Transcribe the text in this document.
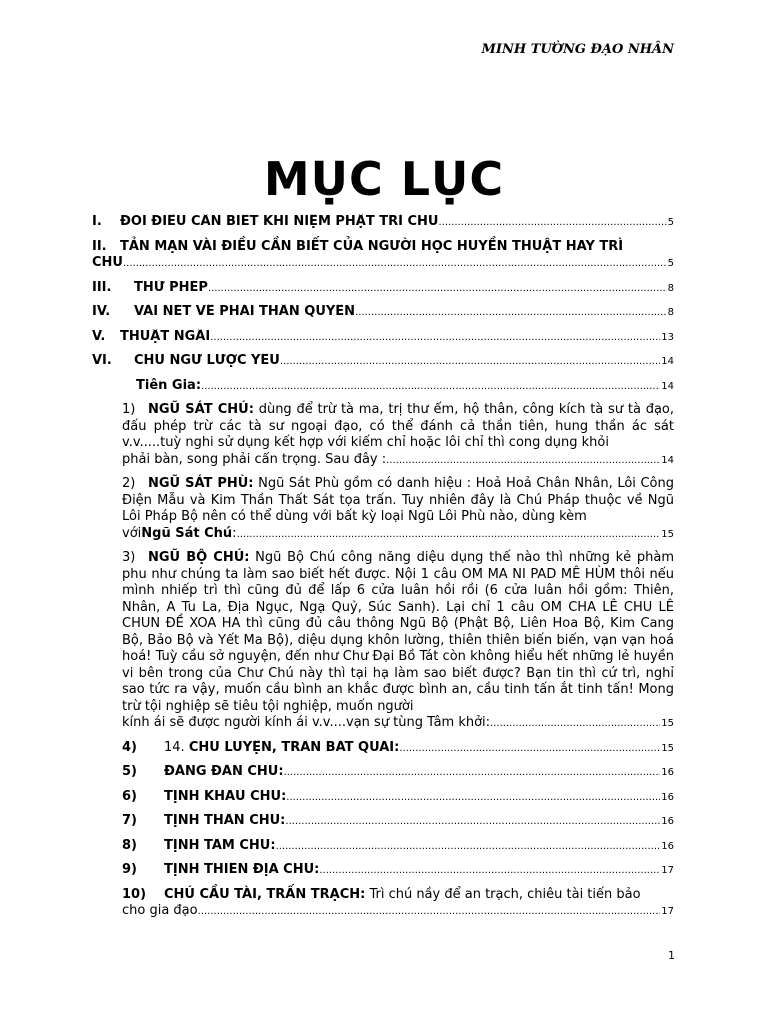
MINH TƯỜNG ĐẠO NHÂN
MỤC LỤC
I.	ĐÔI ĐIỀU CẦN BIẾT KHI NIỆM PHẬT TRÌ CHÚ .....	5
II. TẢN MẠN VÀI ĐIỀU CẦN BIẾT CỦA NGƯỜI HỌC HUYỀN THUẬT HAY TRÌ
CHÚ .....	5
III.	THỬ PHÉP .....	8
IV.	VÀI NÉT VỀ PHÁI THẦN QUYỀN .....	8
V.	THUẬT NGÃI .....	13
VI.	CHÚ NGỮ LƯỢC YẾU .....	14
Tiên Gia: .....	14
1) NGŨ SÁT CHÚ: dùng để trừ tà ma, trị thư ếm, hộ thân, công kích tà sư tà đạo, đấu phép trừ các tà sư ngoại đạo, có thể đánh cả thần tiên, hung thần ác sát v.v.....tuỳ nghi sử dụng kết hợp với kiếm chỉ hoặc lôi chỉ thì cong dụng khỏi
phải bàn, song phải cẩn trọng. Sau đây : .....	14
2) NGŨ SÁT PHÙ: Ngũ Sát Phù gồm có danh hiệu : Hoả Hoả Chân Nhân, Lôi Công Điện Mẫu và Kim Thần Thất Sát tọa trấn. Tuy nhiên đây là Chú Pháp thuộc về Ngũ Lôi Pháp Bộ nên có thể dùng với bất kỳ loại Ngũ Lôi Phù nào, dùng kèm
với Ngũ Sát Chú : .....	15
3) NGŨ BỘ CHÚ: Ngũ Bộ Chú công năng diệu dụng thế nào thì những kẻ phàm phu như chúng ta làm sao biết hết được. Nội 1 câu OM MA NI PAD MÊ HÙM thôi nếu mình nhiếp trì thì cũng đủ để lấp 6 cửa luân hồi rồi (6 cửa luân hồi gồm: Thiên, Nhân, A Tu La, Địa Ngục, Ngạ Quỷ, Súc Sanh). Lại chỉ 1 câu OM CHA LÊ CHU LÊ CHUN ĐỀ XOA HA thì cũng đủ câu thông Ngũ Bộ (Phật Bộ, Liên Hoa Bộ, Kim Cang Bộ, Bảo Bộ và Yết Ma Bộ), diệu dụng khôn lường, thiên thiên biến biến, vạn vạn hoá hoá! Tuỳ cầu sở nguyện, đến như Chư Đại Bồ Tát còn không hiểu hết những lẻ huyền vi bên trong của Chư Chú này thì tại hạ làm sao biết được? Bạn tin thì cứ trì, nghỉ sao tức ra vậy, muốn cầu bình an khắc được bình an, cầu tinh tấn ắt tinh tấn! Mong trừ tội nghiệp sẽ tiêu tội nghiệp, muốn người
kính ái sẽ được người kính ái v.v....vạn sự tùng Tâm khởi: .....	15
4)	14. CHÚ LUYỆN, TRẤN BÁT QUÁI: .....	15
5)	ĐĂNG ĐÀN CHÚ: .....	16
6)	TỊNH KHẨU CHÚ: .....	16
7)	TỊNH THÂN CHÚ: .....	16
8)	TỊNH TÂM CHÚ: .....	16
9)	TỊNH THIÊN ĐỊA CHÚ: .....	17
10) CHÚ CẦU TÀI, TRẤN TRẠCH: Trì chú nầy để an trạch, chiêu tài tiến bảo
cho gia đạo .....	17
1
